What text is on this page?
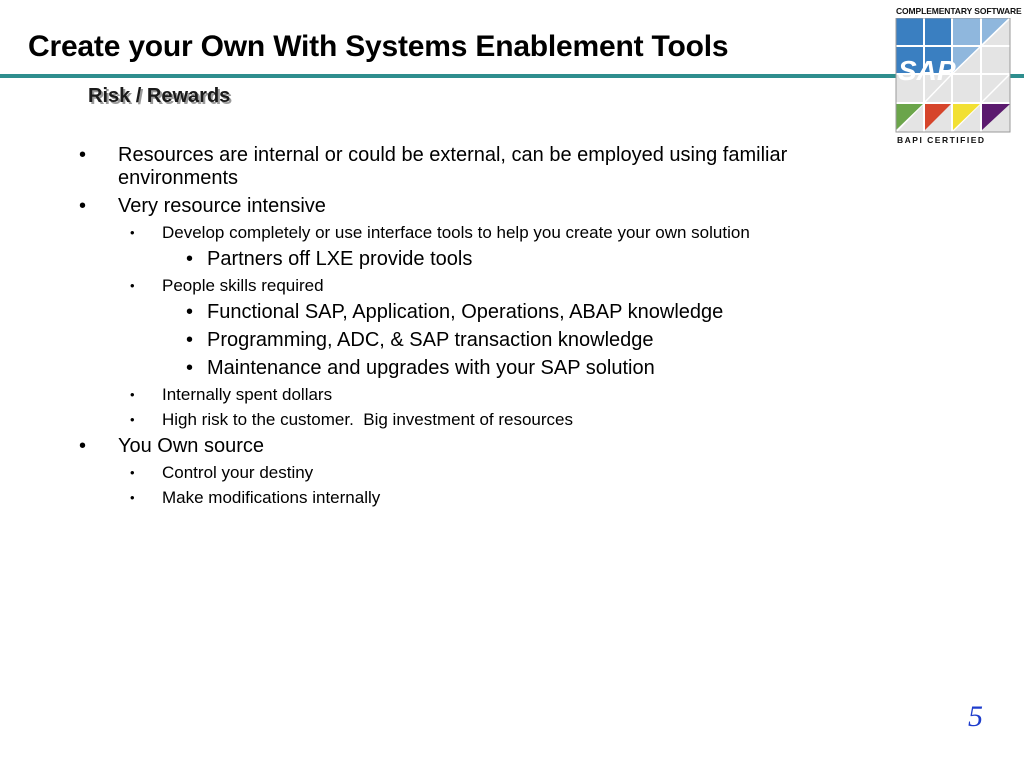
Create your Own With Systems Enablement Tools
Risk / Rewards
COMPLEMENTARY SOFTWARE
SAP
BAPI CERTIFIED
• Resources are internal or could be external, can be employed using familiar environments
• Very resource intensive
• Develop completely or use interface tools to help you create your own solution
• Partners off LXE provide tools
• People skills required
• Functional SAP, Application, Operations, ABAP knowledge
• Programming, ADC, & SAP transaction knowledge
• Maintenance and upgrades with your SAP solution
• Internally spent dollars
• High risk to the customer.  Big investment of resources
• You Own source
• Control your destiny
• Make modifications internally
5
